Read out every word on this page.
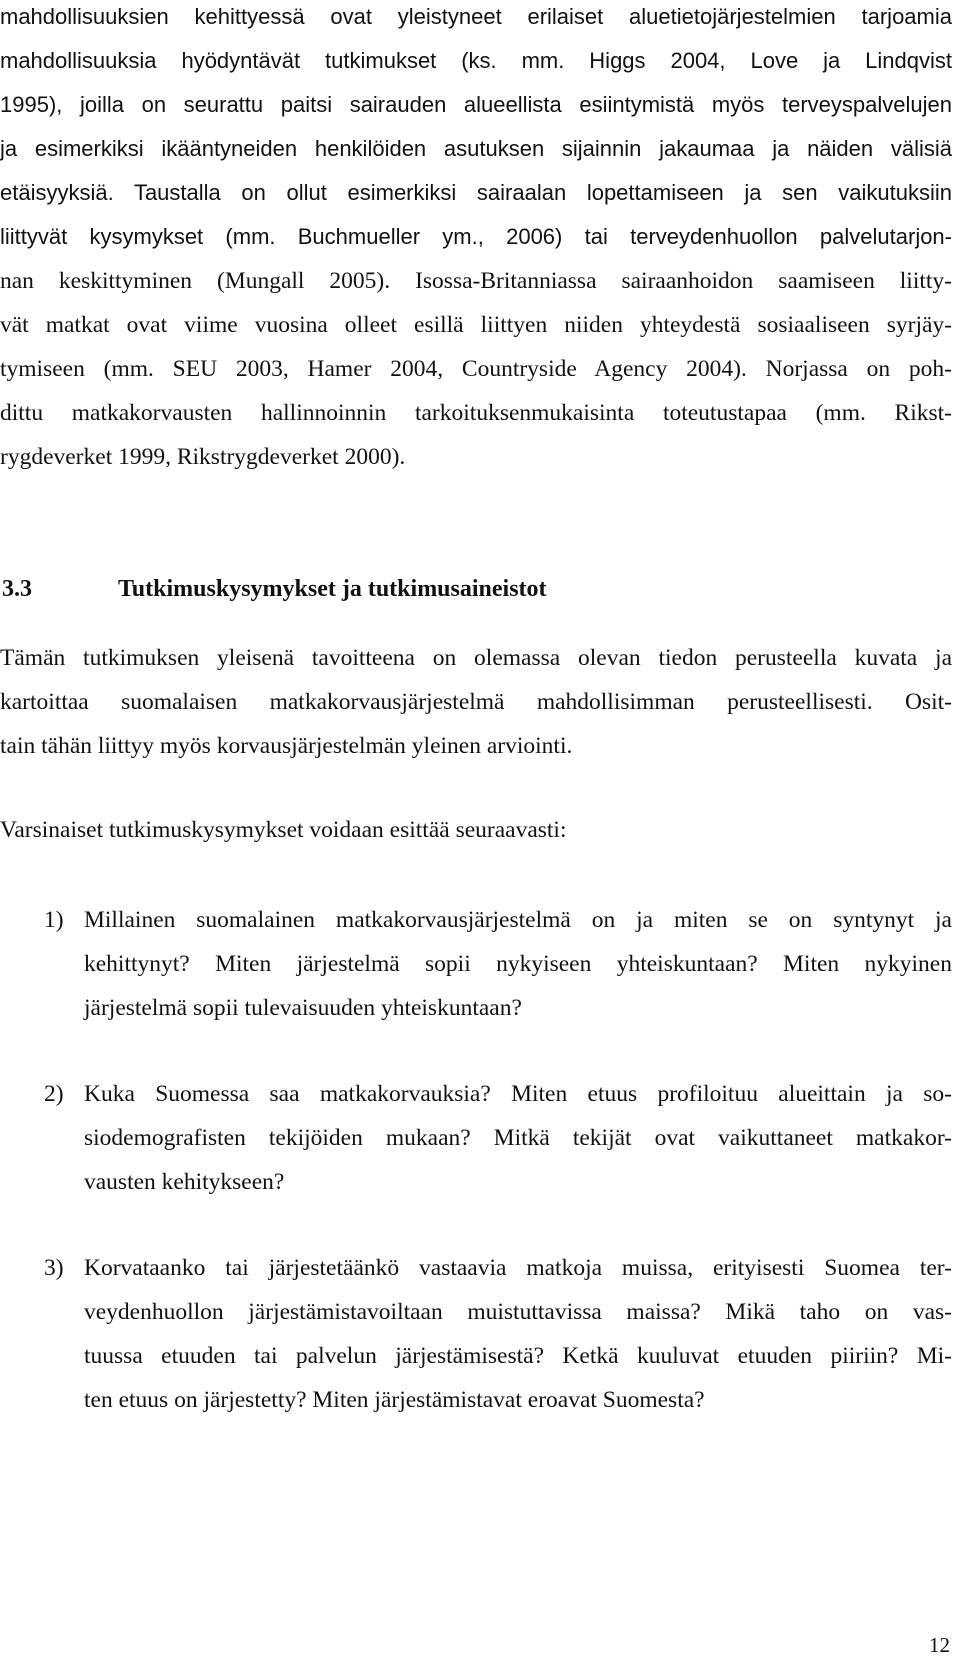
mahdollisuuksien kehittyessä ovat yleistyneet erilaiset aluetietojärjestelmien tarjoamia
mahdollisuuksia hyödyntävät tutkimukset (ks. mm. Higgs 2004, Love ja Lindqvist
1995), joilla on seurattu paitsi sairauden alueellista esiintymistä myös terveyspalvelujen
ja esimerkiksi ikääntyneiden henkilöiden asutuksen sijainnin jakaumaa ja näiden välisiä
etäisyyksiä. Taustalla on ollut esimerkiksi sairaalan lopettamiseen ja sen vaikutuksiin
liittyvät kysymykset (mm. Buchmueller ym., 2006) tai terveydenhuollon palvelutarjon-
nan keskittyminen (Mungall 2005). Isossa-Britanniassa sairaanhoidon saamiseen liitty-
vät matkat ovat viime vuosina olleet esillä liittyen niiden yhteydestä sosiaaliseen syrjäy-
tymiseen (mm. SEU 2003, Hamer 2004, Countryside Agency 2004). Norjassa on poh-
dittu matkakorvausten hallinnoinnin tarkoituksenmukaisinta toteutustapaa (mm. Rikst-
rygdeverket 1999, Rikstrygdeverket 2000).
3.3	Tutkimuskysymykset ja tutkimusaineistot
Tämän tutkimuksen yleisenä tavoitteena on olemassa olevan tiedon perusteella kuvata ja
kartoittaa suomalaisen matkakorvausjärjestelmä mahdollisimman perusteellisesti. Osit-
tain tähän liittyy myös korvausjärjestelmän yleinen arviointi.
Varsinaiset tutkimuskysymykset voidaan esittää seuraavasti:
1) Millainen suomalainen matkakorvausjärjestelmä on ja miten se on syntynyt ja
kehittynyt? Miten järjestelmä sopii nykyiseen yhteiskuntaan? Miten nykyinen
järjestelmä sopii tulevaisuuden yhteiskuntaan?
2) Kuka Suomessa saa matkakorvauksia? Miten etuus profiloituu alueittain ja so-
siodemografisten tekijöiden mukaan? Mitkä tekijät ovat vaikuttaneet matkakor-
vausten kehitykseen?
3) Korvataanko tai järjestetäänkö vastaavia matkoja muissa, erityisesti Suomea ter-
veydenhuollon järjestämistavoiltaan muistuttavissa maissa? Mikä taho on vas-
tuussa etuuden tai palvelun järjestämisestä? Ketkä kuuluvat etuuden piiriin? Mi-
ten etuus on järjestetty? Miten järjestämistavat eroavat Suomesta?
12
